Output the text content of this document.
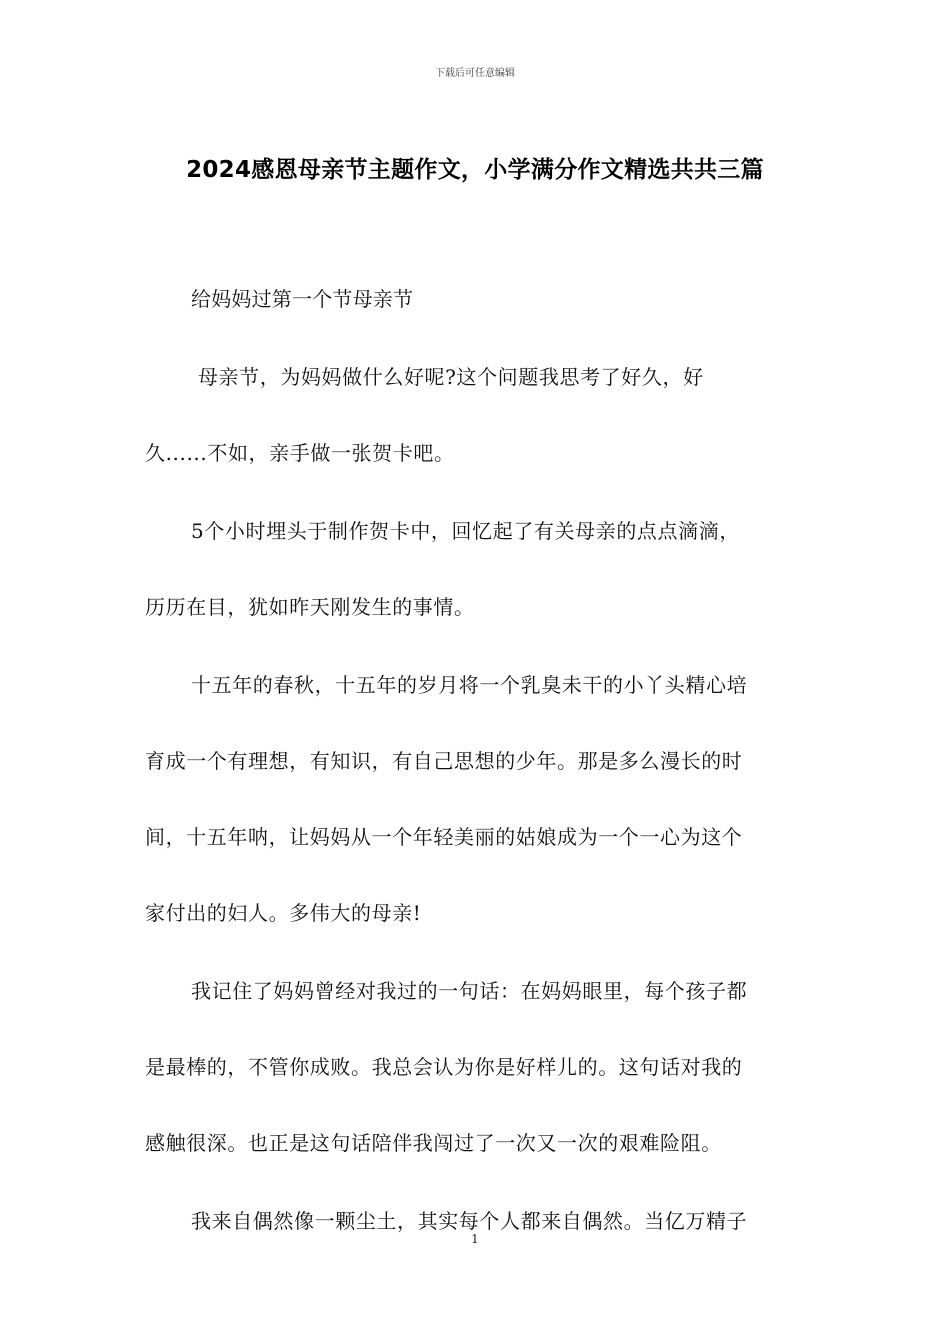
下载后可任意编辑
2024感恩母亲节主题作文，小学满分作文精选共共三篇

给妈妈过第一个节母亲节

母亲节，为妈妈做什么好呢?这个问题我思考了好久，好
久......不如，亲手做一张贺卡吧。

5个小时埋头于制作贺卡中，回忆起了有关母亲的点点滴滴，
历历在目，犹如昨天刚发生的事情。

十五年的春秋，十五年的岁月将一个乳臭未干的小丫头精心培
育成一个有理想，有知识，有自己思想的少年。那是多么漫长的时
间，十五年呐，让妈妈从一个年轻美丽的姑娘成为一个一心为这个
家付出的妇人。多伟大的母亲!

我记住了妈妈曾经对我过的一句话：在妈妈眼里，每个孩子都
是最棒的，不管你成败。我总会认为你是好样儿的。这句话对我的
感触很深。也正是这句话陪伴我闯过了一次又一次的艰难险阻。

我来自偶然像一颗尘土，其实每个人都来自偶然。当亿万精子

1
